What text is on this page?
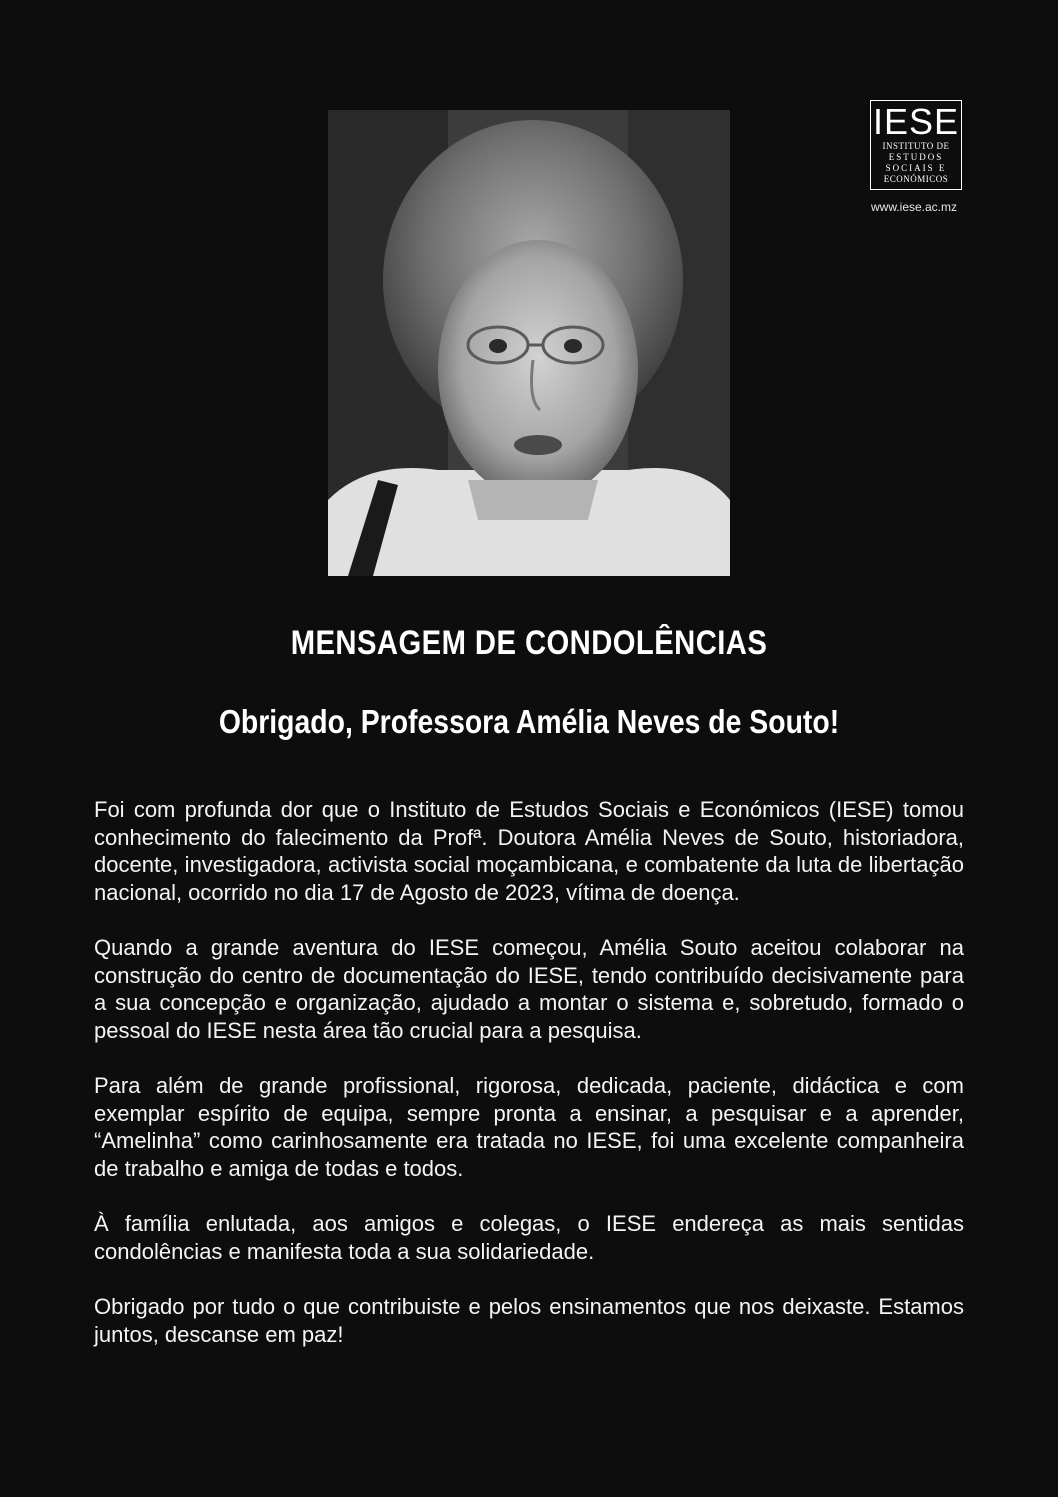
IESE
INSTITUTO DE
ESTUDOS
SOCIAIS E
ECONÓMICOS
www.iese.ac.mz
MENSAGEM DE CONDOLÊNCIAS
Obrigado, Professora Amélia Neves de Souto!

Foi com profunda dor que o Instituto de Estudos Sociais e Económicos (IESE) tomou conhecimento do falecimento da Profª. Doutora Amélia Neves de Souto, historiadora, docente, investigadora, activista social moçambicana, e combatente da luta de libertação nacional, ocorrido no dia 17 de Agosto de 2023, vítima de doença.

Quando a grande aventura do IESE começou, Amélia Souto aceitou colaborar na construção do centro de documentação do IESE, tendo contribuído decisivamente para a sua concepção e organização, ajudado a montar o sistema e, sobretudo, formado o pessoal do IESE nesta área tão crucial para a pesquisa.

Para além de grande profissional, rigorosa, dedicada, paciente, didáctica e com exemplar espírito de equipa, sempre pronta a ensinar, a pesquisar e a aprender, “Amelinha” como carinhosamente era tratada no IESE, foi uma excelente companheira de trabalho e amiga de todas e todos.

À família enlutada, aos amigos e colegas, o IESE endereça as mais sentidas condolências e manifesta toda a sua solidariedade.

Obrigado por tudo o que contribuiste e pelos ensinamentos que nos deixaste. Estamos juntos, descanse em paz!
